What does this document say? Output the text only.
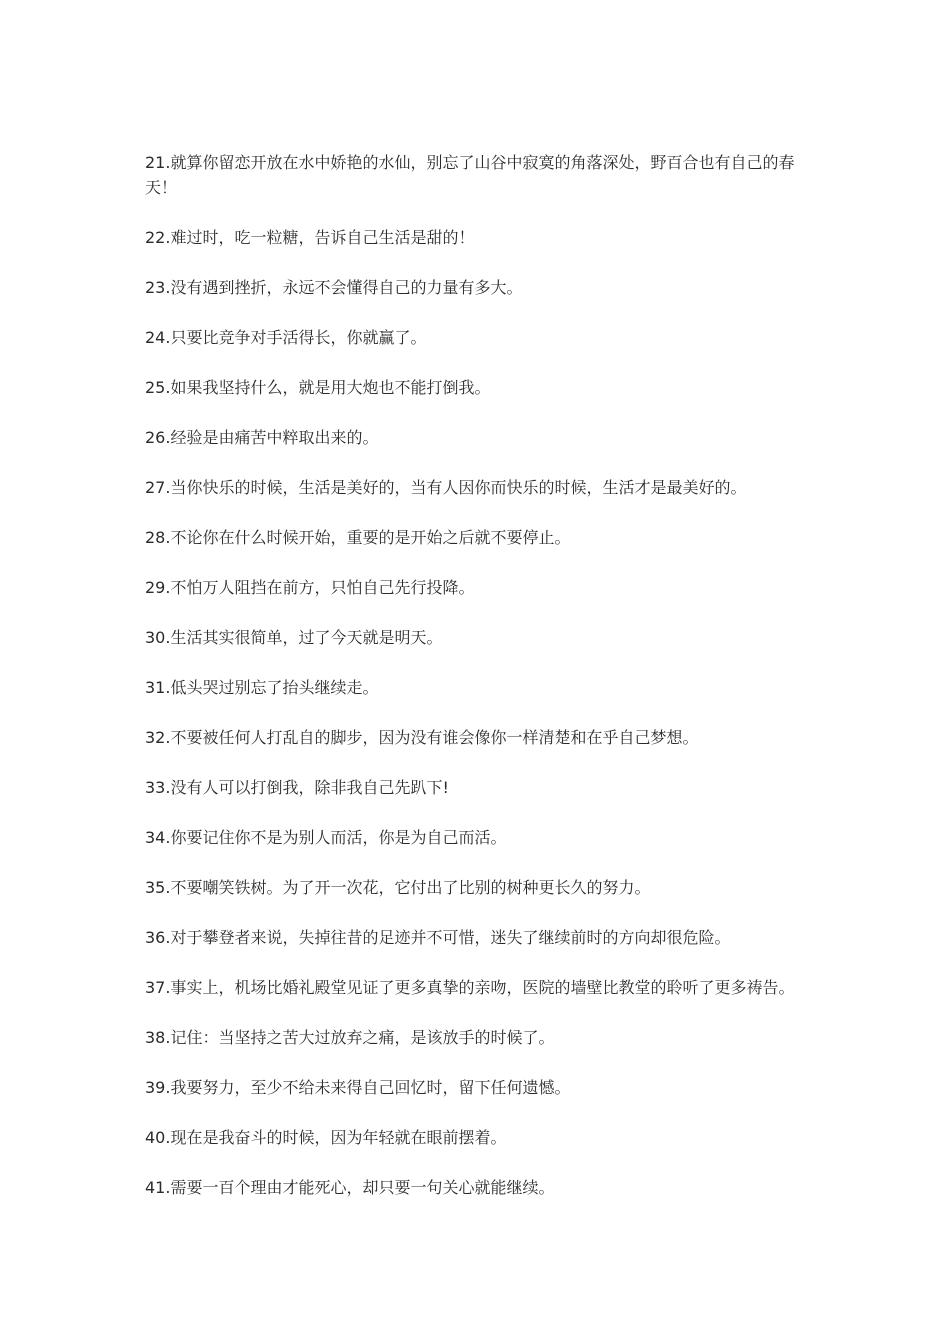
21.就算你留恋开放在水中娇艳的水仙，别忘了山谷中寂寞的角落深处，野百合也有自己的春天！

22.难过时，吃一粒糖，告诉自己生活是甜的！

23.没有遇到挫折，永远不会懂得自己的力量有多大。

24.只要比竞争对手活得长，你就赢了。

25.如果我坚持什么，就是用大炮也不能打倒我。

26.经验是由痛苦中粹取出来的。

27.当你快乐的时候，生活是美好的，当有人因你而快乐的时候，生活才是最美好的。

28.不论你在什么时候开始，重要的是开始之后就不要停止。

29.不怕万人阻挡在前方，只怕自己先行投降。

30.生活其实很简单，过了今天就是明天。

31.低头哭过别忘了抬头继续走。

32.不要被任何人打乱自的脚步，因为没有谁会像你一样清楚和在乎自己梦想。

33.没有人可以打倒我，除非我自己先趴下!

34.你要记住你不是为别人而活，你是为自己而活。

35.不要嘲笑铁树。为了开一次花，它付出了比别的树种更长久的努力。

36.对于攀登者来说，失掉往昔的足迹并不可惜，迷失了继续前时的方向却很危险。

37.事实上，机场比婚礼殿堂见证了更多真挚的亲吻，医院的墙壁比教堂的聆听了更多祷告。

38.记住：当坚持之苦大过放弃之痛，是该放手的时候了。

39.我要努力，至少不给未来得自己回忆时，留下任何遗憾。

40.现在是我奋斗的时候，因为年轻就在眼前摆着。

41.需要一百个理由才能死心，却只要一句关心就能继续。
